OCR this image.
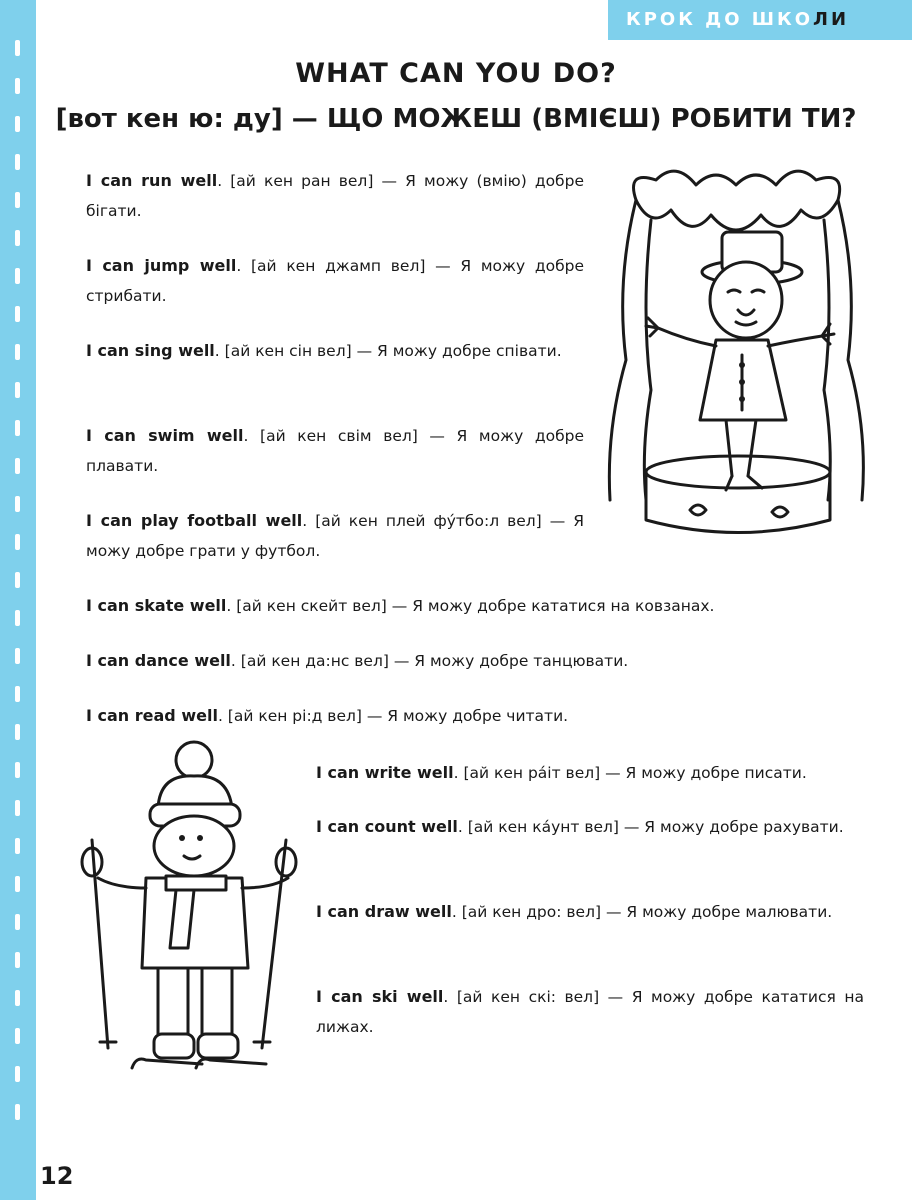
КРОК ДО ШКОЛИ
WHAT CAN YOU DO?
[вот кен ю: ду] — ЩО МОЖЕШ (ВМІЄШ) РОБИТИ ТИ?
I can run well. [ай кен ран вел] — Я можу (вмію) добре бігати.
I can jump well. [ай кен джамп вел] — Я можу добре стрибати.
I can sing well. [ай кен сін вел] — Я можу добре співати.
I can swim well. [ай кен свім вел] — Я можу добре плавати.
I can play football well. [ай кен плей фу́тбо:л вел] — Я можу добре грати у футбол.
I can skate well. [ай кен скейт вел] — Я можу добре кататися на ковзанах.
I can dance well. [ай кен да:нс вел] — Я можу добре танцювати.
I can read well. [ай кен рі:д вел] — Я можу добре читати.
I can write well. [ай кен ра́іт вел] — Я можу добре писати.
I can count well. [ай кен ка́унт вел] — Я можу добре рахувати.
I can draw well. [ай кен дро: вел] — Я можу добре малювати.
I can ski well. [ай кен скі: вел] — Я можу добре кататися на лижах.
12
